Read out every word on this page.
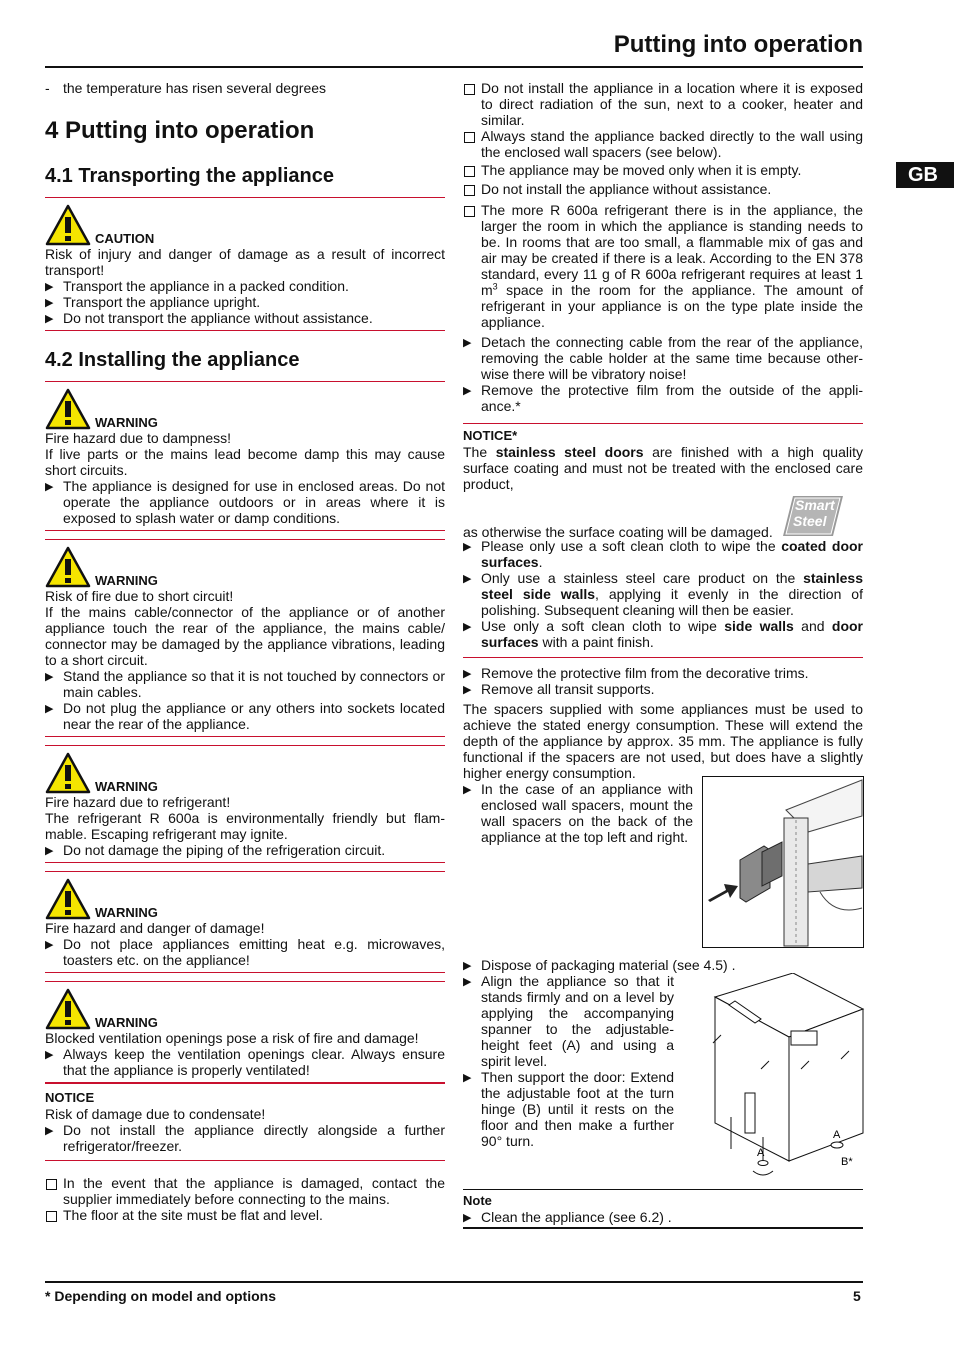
Putting into operation
GB
- the temperature has risen several degrees
4 Putting into operation
4.1 Transporting the appliance
CAUTION

Risk of injury and danger of damage as a result of incorrect transport!

▶ Transport the appliance in a packed condition.
▶ Transport the appliance upright.
▶ Do not transport the appliance without assistance.
4.2 Installing the appliance
WARNING

Fire hazard due to dampness!

If live parts or the mains lead become damp this may cause short circuits.

▶ The appliance is designed for use in enclosed areas. Do not operate the appliance outdoors or in areas where it is exposed to splash water or damp conditions.
WARNING

Risk of fire due to short circuit!

If the mains cable/connector of the appliance or of another appliance touch the rear of the appliance, the mains cable/ connector may be damaged by the appliance vibrations, leading to a short circuit.

▶ Stand the appliance so that it is not touched by connectors or main cables.
▶ Do not plug the appliance or any others into sockets located near the rear of the appliance.
WARNING

Fire hazard due to refrigerant!

The refrigerant R 600a is environmentally friendly but flam-mable. Escaping refrigerant may ignite.

▶ Do not damage the piping of the refrigeration circuit.
WARNING

Fire hazard and danger of damage!

▶ Do not place appliances emitting heat e.g. microwaves, toasters etc. on the appliance!
WARNING

Blocked ventilation openings pose a risk of fire and damage!

▶ Always keep the ventilation openings clear. Always ensure that the appliance is properly ventilated!
NOTICE

Risk of damage due to condensate!

▶ Do not install the appliance directly alongside a further refrigerator/freezer.
In the event that the appliance is damaged, contact the supplier immediately before connecting to the mains.
The floor at the site must be flat and level.
Do not install the appliance in a location where it is exposed to direct radiation of the sun, next to a cooker, heater and similar.
Always stand the appliance backed directly to the wall using the enclosed wall spacers (see below).
The appliance may be moved only when it is empty.
Do not install the appliance without assistance.
The more R 600a refrigerant there is in the appliance, the larger the room in which the appliance is standing needs to be. In rooms that are too small, a flammable mix of gas and air may be created if there is a leak. According to the EN 378 standard, every 11 g of R 600a refrigerant requires at least 1 $m^3$ space in the room for the appliance. The amount of refrigerant in your appliance is on the type plate inside the appliance.
▶ Detach the connecting cable from the rear of the appliance, removing the cable holder at the same time because other-wise there will be vibratory noise!
▶ Remove the protective film from the outside of the appli-ance.*
NOTICE*

The stainless steel doors are finished with a high quality surface coating and must not be treated with the enclosed care product,

as otherwise the surface coating will be damaged.
Smart
Steel
▶ Please only use a soft clean cloth to wipe the coated door surfaces.
▶ Only use a stainless steel care product on the stainless steel side walls, applying it evenly in the direction of polishing. Subsequent cleaning will then be easier.
▶ Use only a soft clean cloth to wipe side walls and door surfaces with a paint finish.
▶ Remove the protective film from the decorative trims.
▶ Remove all transit supports.

The spacers supplied with some appliances must be used to achieve the stated energy consumption. These will extend the depth of the appliance by approx. 35 mm. The appliance is fully functional if the spacers are not used, but does have a slightly higher energy consumption.

▶ In the case of an appliance with enclosed wall spacers, mount the wall spacers on the back of the appliance at the top left and right.
▶ Dispose of packaging material (see 4.5) .
▶ Align the appliance so that it stands firmly and on a level by applying the accompanying spanner to the adjustable-height feet (A) and using a spirit level.
▶ Then support the door: Extend the adjustable foot at the turn hinge (B) until it rests on the floor and then make a further 90° turn.
A
A
B*
Note
▶ Clean the appliance (see 6.2) .
* Depending on model and options	5
